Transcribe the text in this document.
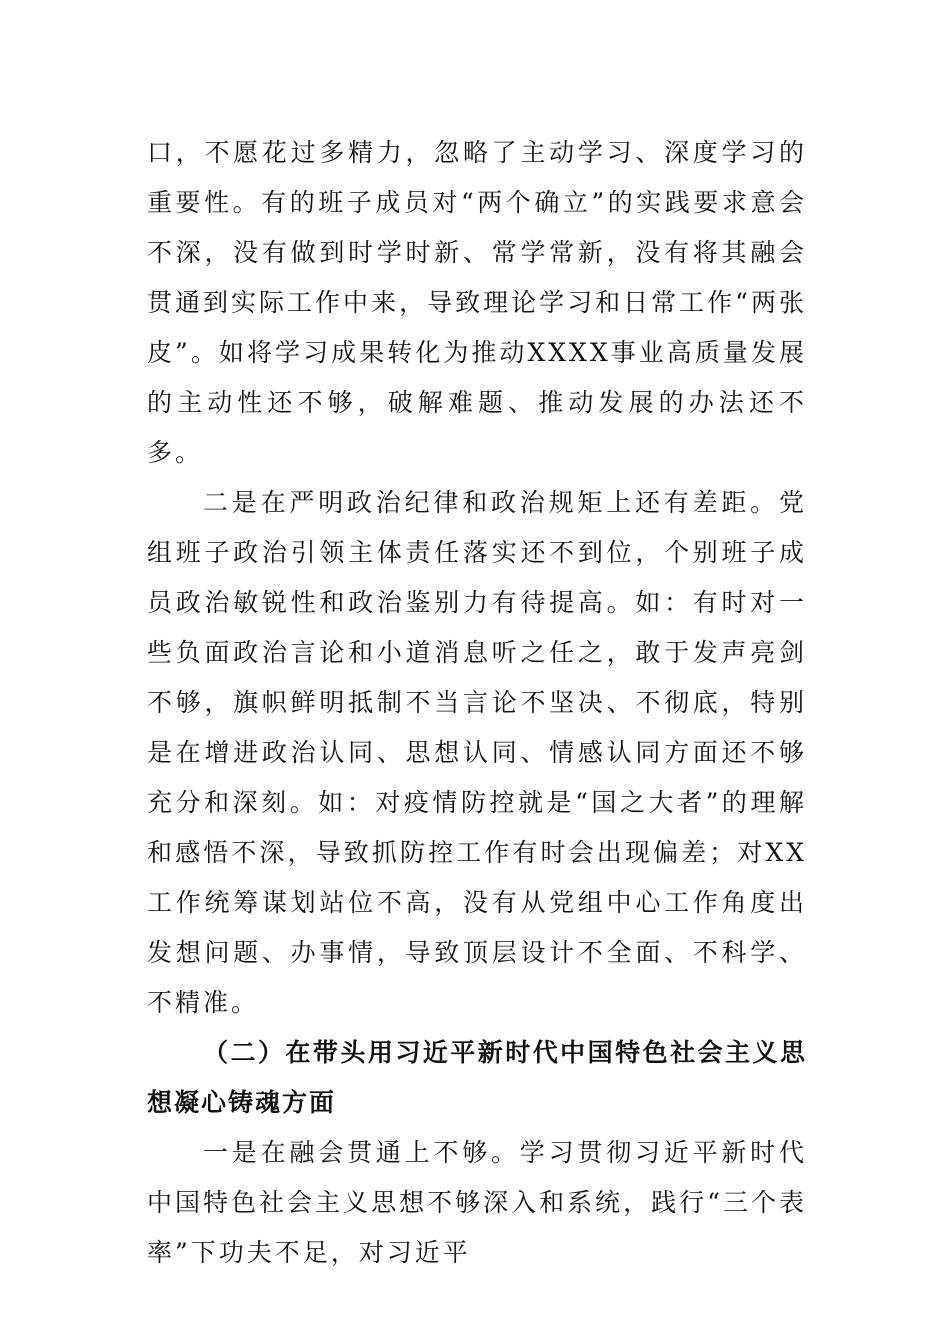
口，不愿花过多精力，忽略了主动学习、深度学习的重要性。有的班子成员对“两个确立”的实践要求意会不深，没有做到时学时新、常学常新，没有将其融会贯通到实际工作中来，导致理论学习和日常工作“两张皮”。如将学习成果转化为推动XXXX事业高质量发展的主动性还不够，破解难题、推动发展的办法还不多。

二是在严明政治纪律和政治规矩上还有差距。党组班子政治引领主体责任落实还不到位，个别班子成员政治敏锐性和政治鉴别力有待提高。如：有时对一些负面政治言论和小道消息听之任之，敢于发声亮剑不够，旗帜鲜明抵制不当言论不坚决、不彻底，特别是在增进政治认同、思想认同、情感认同方面还不够充分和深刻。如：对疫情防控就是“国之大者”的理解和感悟不深，导致抓防控工作有时会出现偏差；对XX工作统筹谋划站位不高，没有从党组中心工作角度出发想问题、办事情，导致顶层设计不全面、不科学、不精准。

（二）在带头用习近平新时代中国特色社会主义思想凝心铸魂方面

一是在融会贯通上不够。学习贯彻习近平新时代中国特色社会主义思想不够深入和系统，践行“三个表率”下功夫不足，对习近平
